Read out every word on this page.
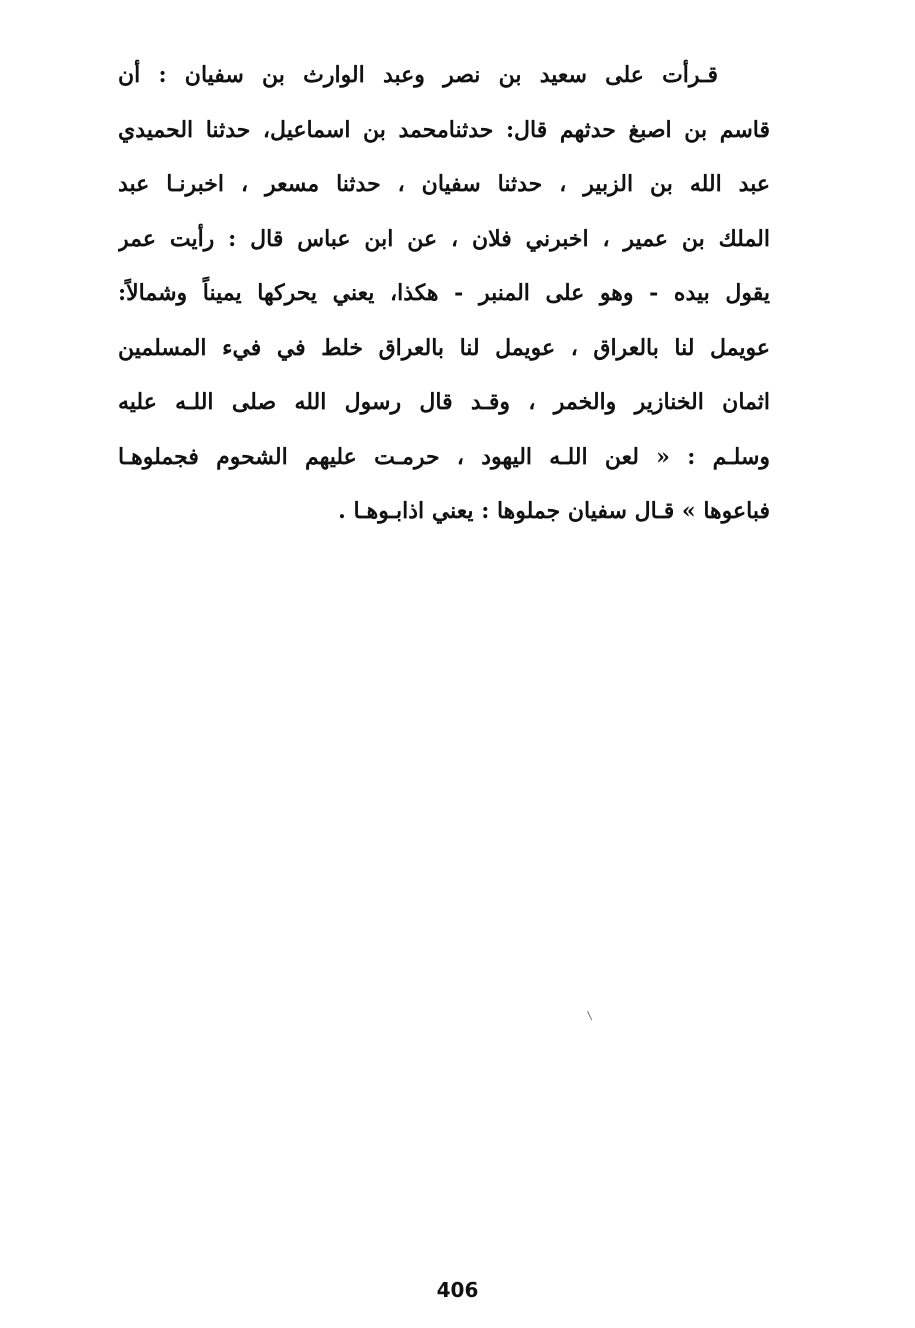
قـرأت على سعيد بن نصر وعبد الوارث بن سفيان : أن
قاسم بن اصبغ حدثهم قال: حدثنامحمد بن اسماعيل، حدثنا الحميدي
عبد الله بن الزبير ، حدثنا سفيان ، حدثنا مسعر ، اخبرنـا عبد
الملك بن عمير ، اخبرني فلان ، عن ابن عباس قال : رأيت عمر
يقول بيده - وهو على المنبر - هكذا، يعني يحركها يميناً وشمالاً:
عويمل لنا بالعراق ، عويمل لنا بالعراق خلط في فيء المسلمين
اثمان الخنازير والخمر ، وقـد قال رسول الله صلى اللـه عليه
وسلـم : « لعن اللـه اليهود ، حرمـت عليهم الشحوم فجملوهـا
فباعوها » قـال سفيان جملوها : يعني اذابـوهـا .
406
